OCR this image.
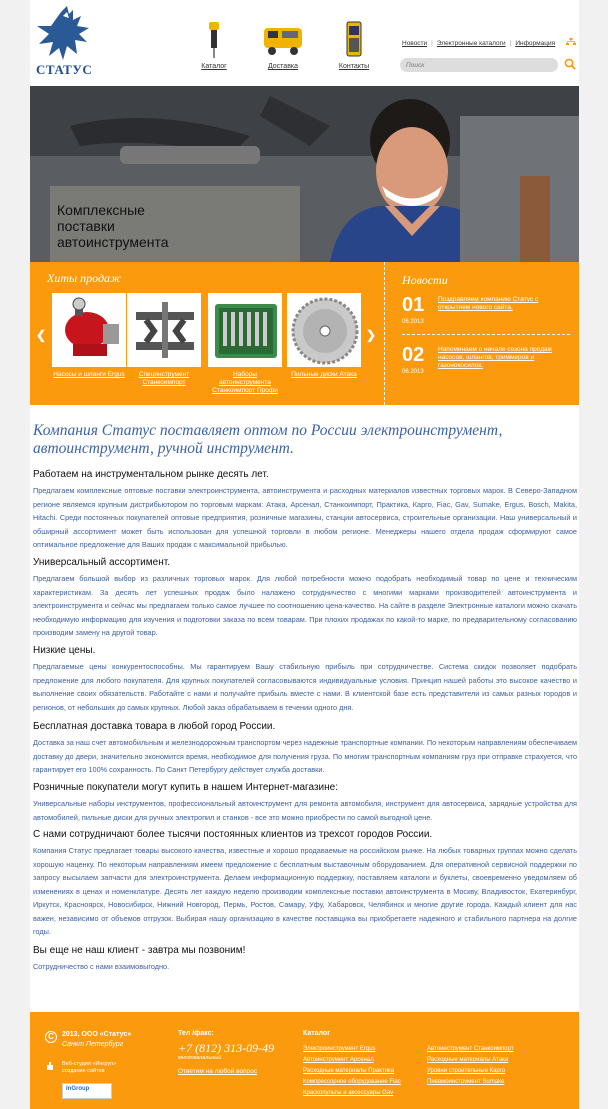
СТАТУС	Каталог	Доставка	Контакты
Новости | Электронные каталоги | Информация
Поиск
Комплексные
поставки
автоинструмента
Хиты продаж
❮	❯
Насосы и шланги Ergus	Специнструмент Станкоимпорт
Наборы автоинструмента Станкоимпорт Профи
Пильные диски Атака
Новости
01
06.2013
Поздравляем компанию Статус с открытием нового сайта.
02
06.2013
Напоминаем о начале сезона продаж насосов, шлангов, триммеров и газонокосилок.
Компания Статус поставляет оптом по России электроинструмент, автоинструмент, ручной инструмент.
Работаем на инструментальном рынке десять лет.
Предлагаем комплексные оптовые поставки электроинструмента, автоинструмента и расходных материалов известных торговых марок. В Северо-Западном регионе являемся крупным дистрибьютором по торговым маркам: Атака, Арсенал, Станкоимпорт, Практика, Карго, Fiac, Gav, Sumake, Ergus, Bosch, Makita, Hitachi. Среди постоянных покупателей оптовые предприятия, розничные магазины, станции автосервиса, строительные организации. Наш универсальный и обширный ассортимент может быть использован для успешной торговли в любом регионе. Менеджеры нашего отдела продаж сформируют самое оптимальное предложение для Ваших продаж с максимальной прибылью.
Универсальный ассортимент.
Предлагаем большой выбор из различных торговых марок. Для любой потребности можно подобрать необходимый товар по цене и техническим характеристикам. За десять лет успешных продаж было налажено сотрудничество с многими марками производителей автоинструмента и электроинструмента и сейчас мы предлагаем только самое лучшее по соотношению цена-качество. На сайте в разделе Электронные каталоги можно скачать необходимую информацию для изучения и подготовки заказа по всем товарам. При плохих продажах по какой-то марке, по предварительному согласованию производим замену на другой товар.
Низкие цены.
Предлагаемые цены конкурентоспособны. Мы гарантируем Вашу стабильную прибыль при сотрудничестве. Система скидок позволяет подобрать предложение для любого покупателя. Для крупных покупателей согласовываются индивидуальные условия. Принцип нашей работы это высокое качество и выполнение своих обязательств. Работайте с нами и получайте прибыль вместе с нами. В клиентской базе есть представители из самых разных городов и регионов, от небольших до самых крупных. Любой заказ обрабатываем в течении одного дня.
Бесплатная доставка товара в любой город России.
Доставка за наш счет автомобильным и железнодорожным транспортом через надежные транспортные компании. По некоторым направлениям обеспечиваем доставку до двери, значительно экономится время, необходимое для получения груза. По многим транспортным компаниям груз при отправке страхуется, что гарантирует его 100% сохранность. По Санкт Петербургу действует служба доставки.
Розничные покупатели могут купить в нашем Интернет-магазине:
Универсальные наборы инструментов, профессиональный автоинструмент для ремонта автомобиля, инструмент для автосервиса, зарядные устройства для автомобилей, пильные диски для ручных электропил и станков - все это можно приобрести по самой выгодной цене.
С нами сотрудничают более тысячи постоянных клиентов из трехсот городов России.
Компания Статус предлагает товары высокого качества, известные и хорошо продаваемые на российском рынке. На любых товарных группах можно сделать хорошую наценку. По некоторым направлениям имеем предложение с бесплатным выставочным оборудованием. Для оперативной сервисной поддержки по запросу высылаем запчасти для электроинструмента. Делаем информационную поддержку, поставляем каталоги и буклеты, своевременно уведомляем об изменениях в ценах и номенклатуре. Десять лет каждую неделю производим комплексные поставки автоинструмента в Москву, Владивосток, Екатеринбург, Иркутск, Красноярск, Новосибирск, Нижний Новгород, Пермь, Ростов, Самару, Уфу, Хабаровск, Челябинск и многие другие города. Каждый клиент для нас важен, независимо от объемов отгрузок. Выбирая нашу организацию в качестве поставщика вы приобретаете надежного и стабильного партнера на долгие годы.
Вы еще не наш клиент - завтра мы позвоним!
Сотрудничество с нами взаимовыгодно.
C	2013, ООО «Статус»
Санкт Петербург
Веб-студия «Ингруп» создание сайтов
InGroup
Тел /факс:
+7 (812) 313-09-49
многоканальный
Ответим на любой вопрос
Каталог
Электроинструмент Ergus
Автоинструмент Арсенал
Расходные материалы Практика
Компрессорное оборудование Fiac
Краскопульты и аксессуары Gav
Автоинструмент Станкоимпорт
Расходные материалы Атака
Уровни строительные Карго
Пневмоинструмент Sumake
